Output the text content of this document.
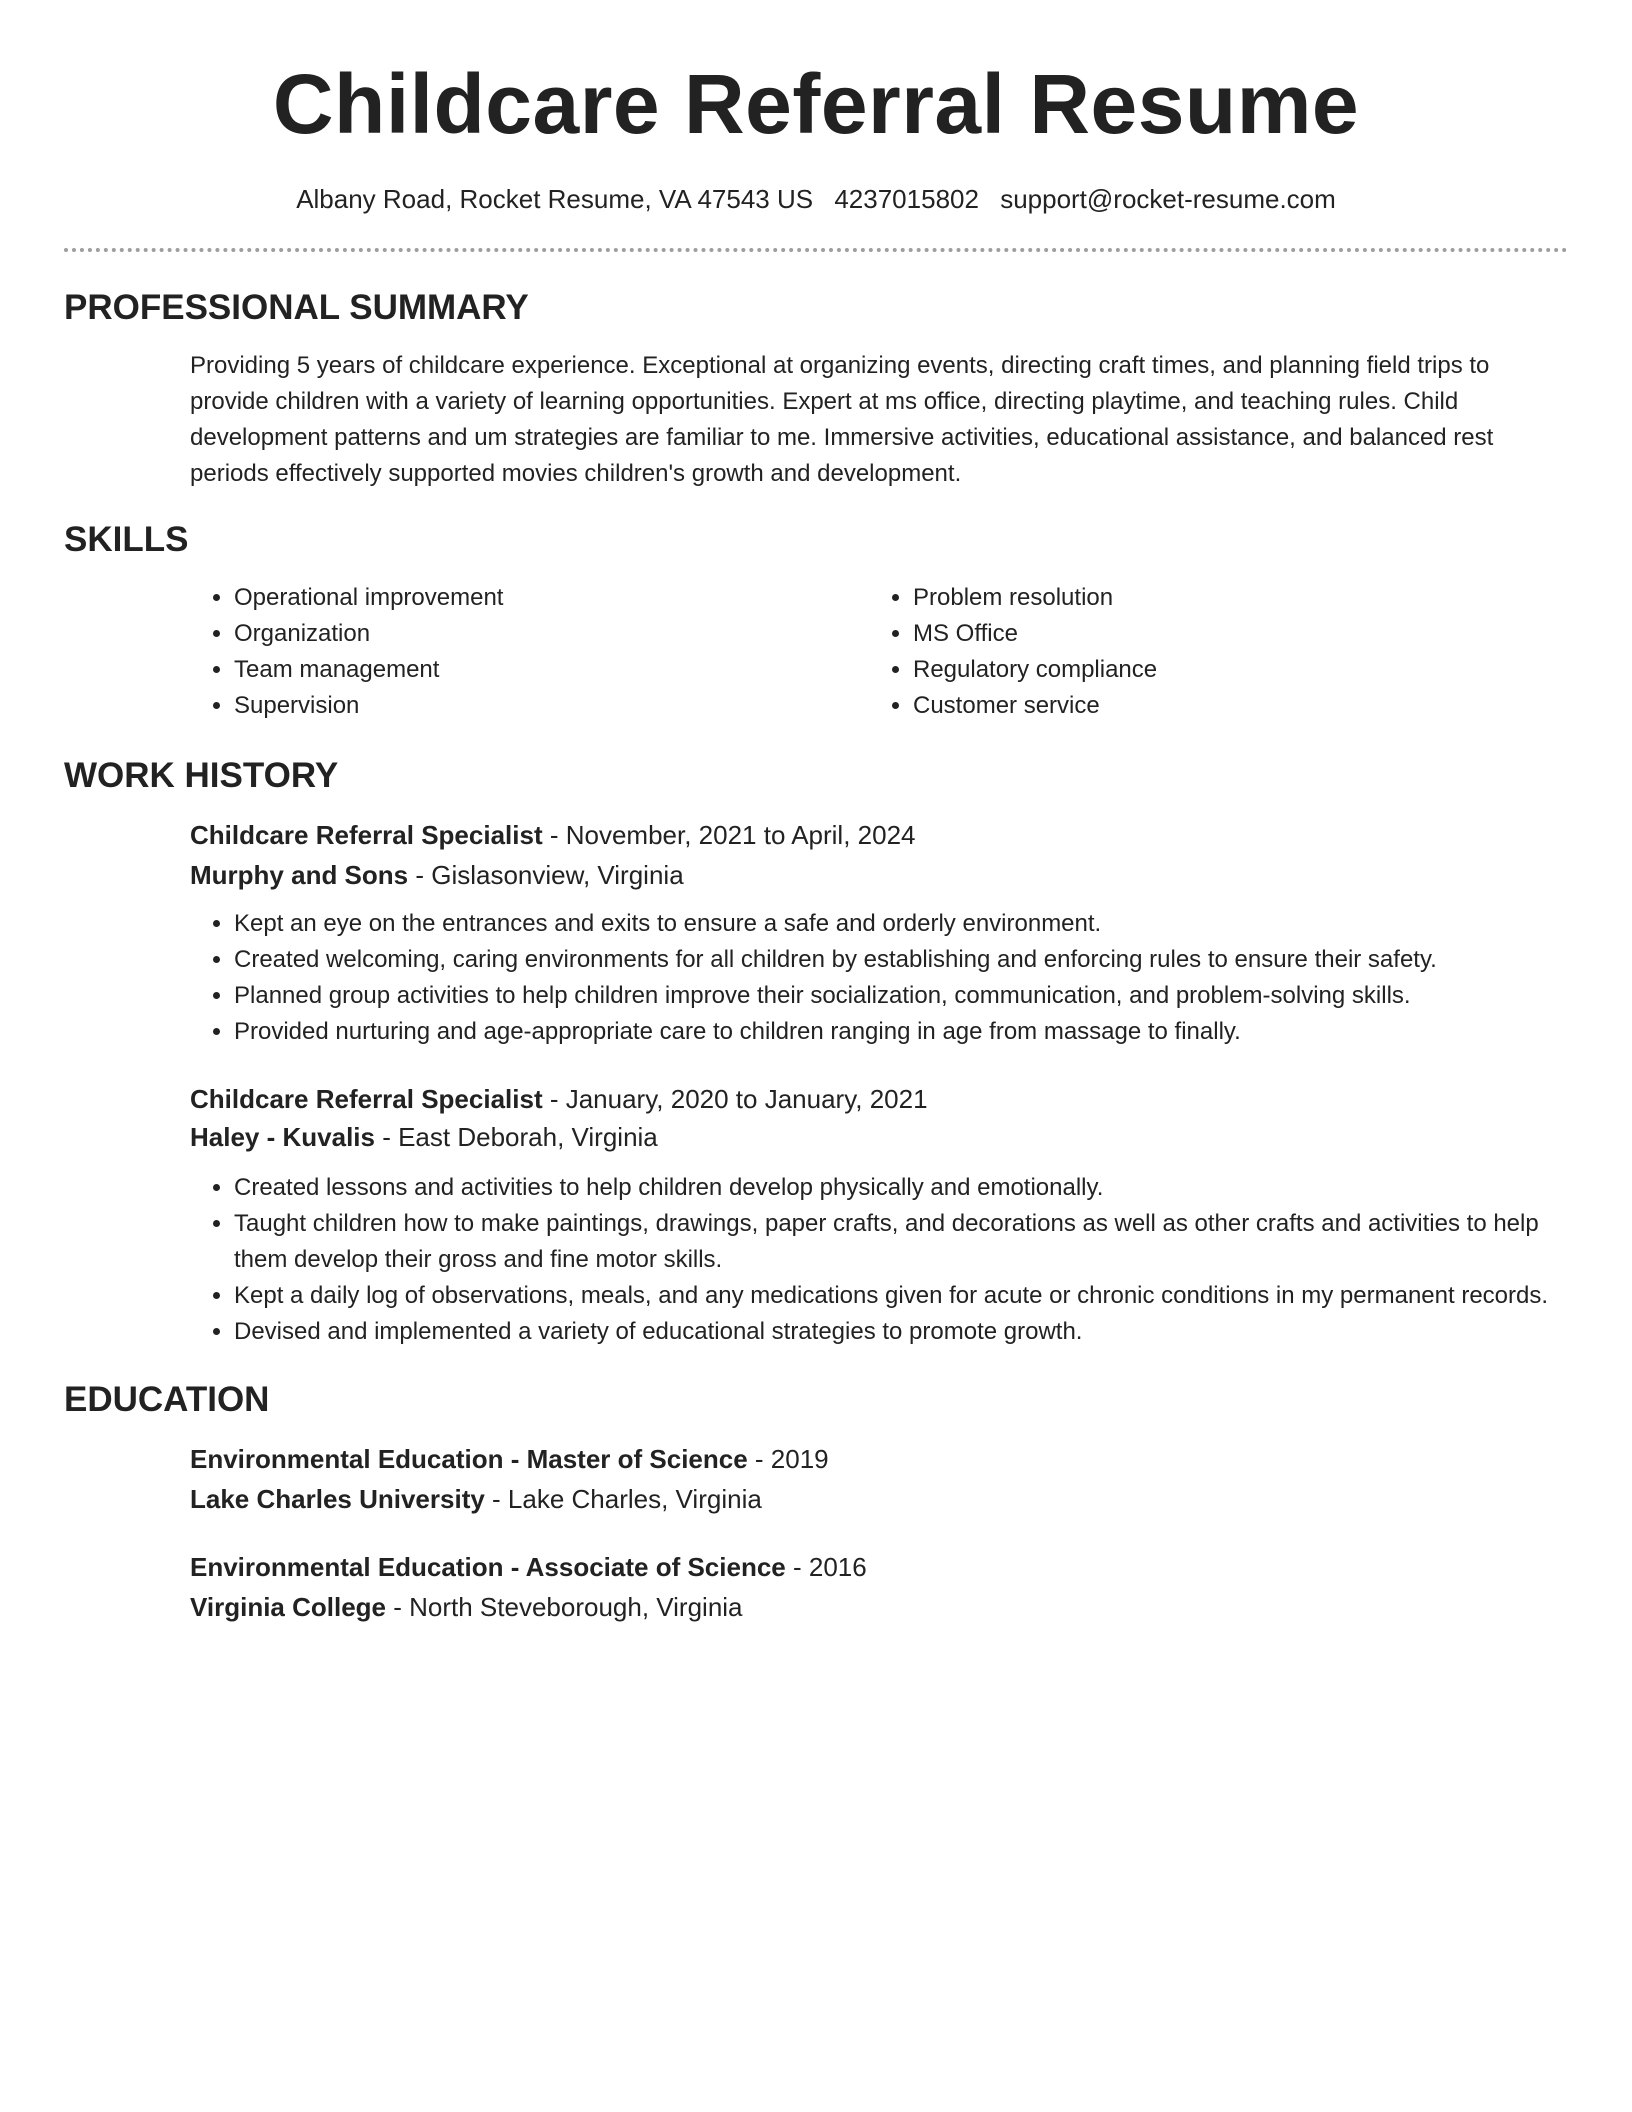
Childcare Referral Resume
Albany Road, Rocket Resume, VA 47543 US 4237015802 support@rocket-resume.com
PROFESSIONAL SUMMARY

Providing 5 years of childcare experience. Exceptional at organizing events, directing craft times, and planning field trips to provide children with a variety of learning opportunities. Expert at ms office, directing playtime, and teaching rules. Child development patterns and um strategies are familiar to me. Immersive activities, educational assistance, and balanced rest periods effectively supported movies children's growth and development.

SKILLS
• Operational improvement
• Organization
• Team management
• Supervision
• Problem resolution
• MS Office
• Regulatory compliance
• Customer service
WORK HISTORY
Childcare Referral Specialist - November, 2021 to April, 2024
Murphy and Sons - Gislasonview, Virginia
• Kept an eye on the entrances and exits to ensure a safe and orderly environment.
• Created welcoming, caring environments for all children by establishing and enforcing rules to ensure their safety.
• Planned group activities to help children improve their socialization, communication, and problem-solving skills.
• Provided nurturing and age-appropriate care to children ranging in age from massage to finally.
Childcare Referral Specialist - January, 2020 to January, 2021
Haley - Kuvalis - East Deborah, Virginia
• Created lessons and activities to help children develop physically and emotionally.
• Taught children how to make paintings, drawings, paper crafts, and decorations as well as other crafts and activities to help them develop their gross and fine motor skills.
• Kept a daily log of observations, meals, and any medications given for acute or chronic conditions in my permanent records.
• Devised and implemented a variety of educational strategies to promote growth.
EDUCATION
Environmental Education - Master of Science - 2019
Lake Charles University - Lake Charles, Virginia
Environmental Education - Associate of Science - 2016
Virginia College - North Steveborough, Virginia
